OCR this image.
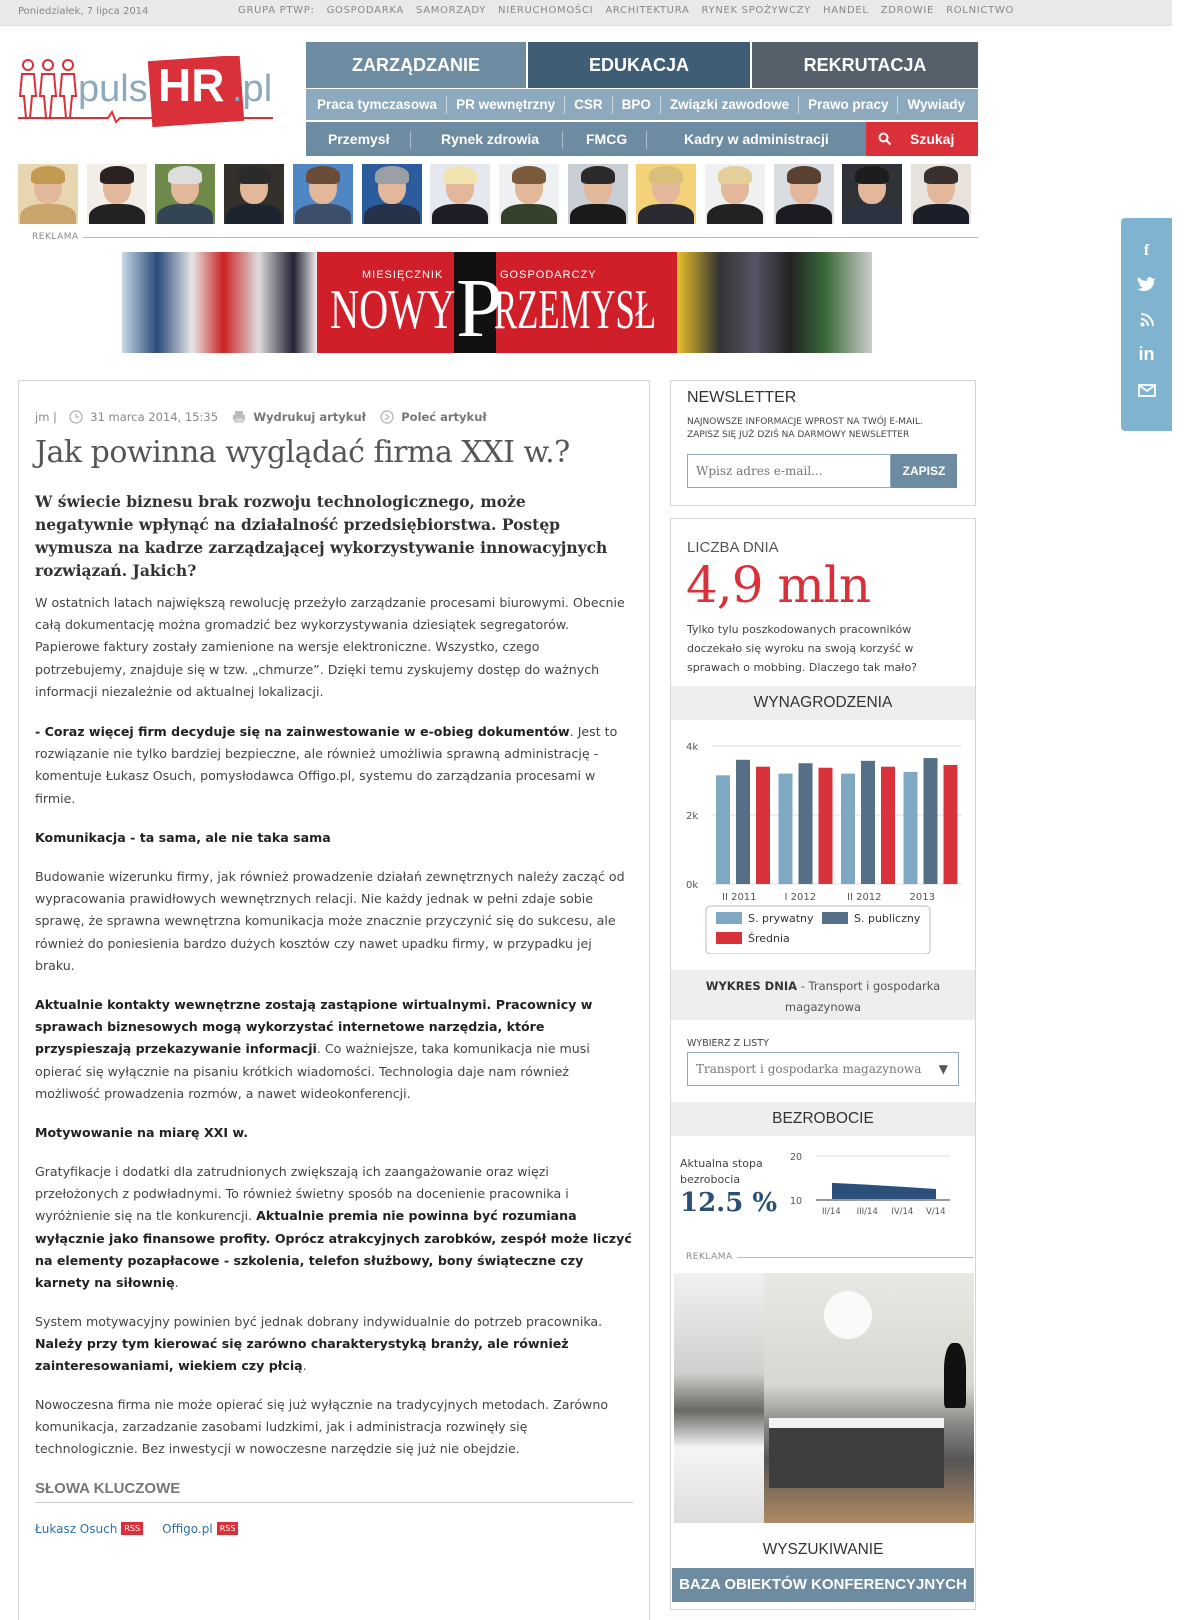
Poniedziałek, 7 lipca 2014	GRUPA PTWP: GOSPODARKA SAMORZĄDY NIERUCHOMOŚCI ARCHITEKTURA RYNEK SPOŻYWCZY HANDEL ZDROWIE ROLNICTWO
puls HR .pl
ZARZĄDZANIE	EDUKACJA	REKRUTACJA
Praca tymczasowa PR wewnętrzny CSR BPO Związki zawodowe Prawo pracy Wywiady
Przemysł	Rynek zdrowia	FMCG	Kadry w administracji	Szukaj
REKLAMA
MIESIĘCZNIK	GOSPODARCZY
NOWY P
RZEMYSŁ
jm |	31 marca 2014, 15:35	Wydrukuj artykuł	Poleć artykuł
Jak powinna wyglądać firma XXI w.?
W świecie biznesu brak rozwoju technologicznego, może negatywnie wpłynąć na działalność przedsiębiorstwa. Postęp wymusza na kadrze zarządzającej wykorzystywanie innowacyjnych rozwiązań. Jakich?
W ostatnich latach największą rewolucję przeżyło zarządzanie procesami biurowymi. Obecnie całą dokumentację można gromadzić bez wykorzystywania dziesiątek segregatorów. Papierowe faktury zostały zamienione na wersje elektroniczne. Wszystko, czego potrzebujemy, znajduje się w tzw. „chmurze”. Dzięki temu zyskujemy dostęp do ważnych informacji niezależnie od aktualnej lokalizacji.
- Coraz więcej firm decyduje się na zainwestowanie w e-obieg dokumentów. Jest to rozwiązanie nie tylko bardziej bezpieczne, ale również umożliwia sprawną administrację - komentuje Łukasz Osuch, pomysłodawca Offigo.pl, systemu do zarządzania procesami w firmie.
Komunikacja - ta sama, ale nie taka sama
Budowanie wizerunku firmy, jak również prowadzenie działań zewnętrznych należy zacząć od wypracowania prawidłowych wewnętrznych relacji. Nie każdy jednak w pełni zdaje sobie sprawę, że sprawna wewnętrzna komunikacja może znacznie przyczynić się do sukcesu, ale również do poniesienia bardzo dużych kosztów czy nawet upadku firmy, w przypadku jej braku.
Aktualnie kontakty wewnętrzne zostają zastąpione wirtualnymi. Pracownicy w sprawach biznesowych mogą wykorzystać internetowe narzędzia, które przyspieszają przekazywanie informacji. Co ważniejsze, taka komunikacja nie musi opierać się wyłącznie na pisaniu krótkich wiadomości. Technologia daje nam również możliwość prowadzenia rozmów, a nawet wideokonferencji.
Motywowanie na miarę XXI w.
Gratyfikacje i dodatki dla zatrudnionych zwiększają ich zaangażowanie oraz więzi przełożonych z podwładnymi. To również świetny sposób na docenienie pracownika i wyróżnienie się na tle konkurencji. Aktualnie premia nie powinna być rozumiana wyłącznie jako finansowe profity. Oprócz atrakcyjnych zarobków, zespół może liczyć na elementy pozapłacowe - szkolenia, telefon służbowy, bony świąteczne czy karnety na siłownię.
System motywacyjny powinien być jednak dobrany indywidualnie do potrzeb pracownika. Należy przy tym kierować się zarówno charakterystyką branży, ale również zainteresowaniami, wiekiem czy płcią.
Nowoczesna firma nie może opierać się już wyłącznie na tradycyjnych metodach. Zarówno komunikacja, zarzadzanie zasobami ludzkimi, jak i administracja rozwinęły się technologicznie. Bez inwestycji w nowoczesne narzędzie się już nie obejdzie.
SŁOWA KLUCZOWE
Łukasz Osuch RSS Offigo.pl RSS
NEWSLETTER
NAJNOWSZE INFORMACJE WPROST NA TWÓJ E-MAIL.
ZAPISZ SIĘ JUŻ DZIŚ NA DARMOWY NEWSLETTER
Wpisz adres e-mail...
ZAPISZ
LICZBA DNIA
4,9 mln
Tylko tylu poszkodowanych pracowników doczekało się wyroku na swoją korzyść w sprawach o mobbing. Dlaczego tak mało?
WYNAGRODZENIA
0k
2k
4k
II 2011	I 2012	II 2012	2013
S. prywatny	S. publiczny
Średnia
WYKRES DNIA - Transport i gospodarka magazynowa
WYBIERZ Z LISTY
Transport i gospodarka magazynowa ▼
BEZROBOCIE
Aktualna stopa bezrobocia
12.5 % 10
20
II/14 III/14 IV/14 V/14
REKLAMA
WYSZUKIWANIE
BAZA OBIEKTÓW KONFERENCYJNYCH
f
in
